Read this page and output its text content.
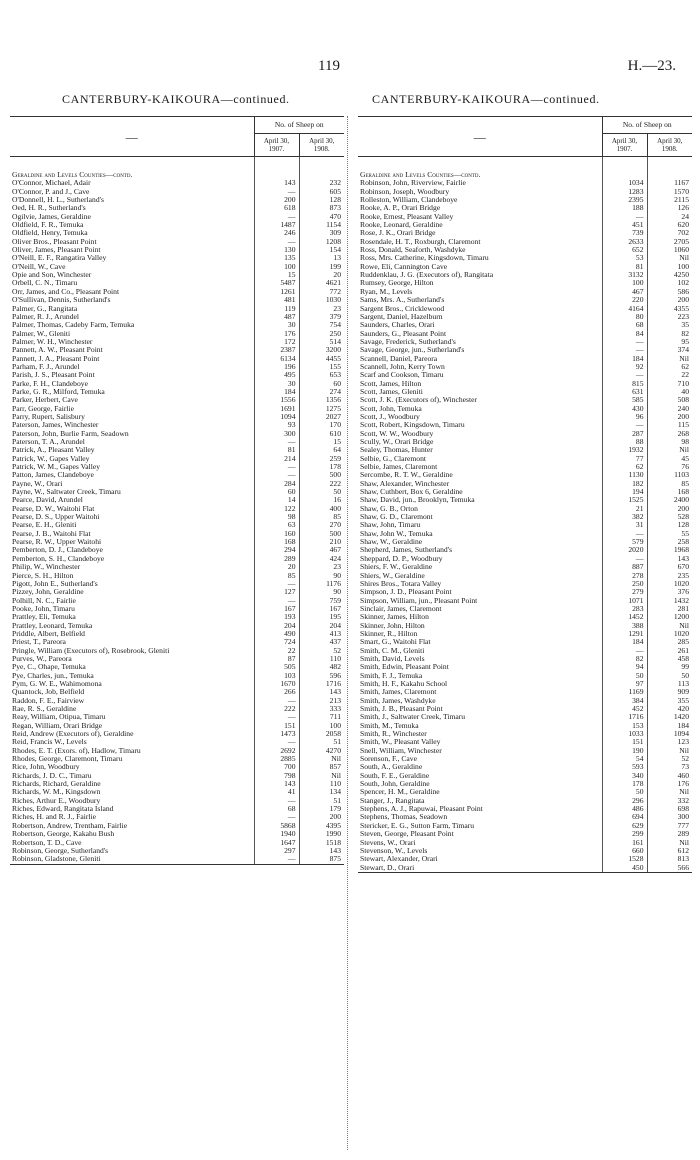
119	H.—23.
CANTERBURY-KAIKOURA—continued.	CANTERBURY-KAIKOURA—continued.
—	No. of Sheep on	
	April 30, 1907.	April 30, 1908.

Geraldine and Levels Counties—contd.		
O'Connor, Michael, Adair	143	232
O'Connor, P. and J., Cave	—	605
O'Donnell, H. L., Sutherland's	200	128
Oed, H. R., Sutherland's	618	873
Ogilvie, James, Geraldine	—	470
Oldfield, F. R., Temuka	1487	1154
Oldfield, Henry, Temuka	246	309
Oliver Bros., Pleasant Point	—	1208
Oliver, James, Pleasant Point	130	154
O'Neill, E. F., Rangatira Valley	135	13
O'Neill, W., Cave	100	199
Opie and Son, Winchester	15	20
Orbell, C. N., Timaru	5487	4621
Orr, James, and Co., Pleasant Point	1261	772
O'Sullivan, Dennis, Sutherland's	481	1030
Palmer, G., Rangitata	119	23
Palmer, R. J., Arundel	487	379
Palmer, Thomas, Cadeby Farm, Temuka	30	754
Palmer, W., Gleniti	176	250
Palmer, W. H., Winchester	172	514
Pannett, A. W., Pleasant Point	2387	3200
Pannett, J. A., Pleasant Point	6134	4455
Parham, F. J., Arundel	196	155
Parish, J. S., Pleasant Point	495	653
Parke, F. H., Clandeboye	30	60
Parke, G. R., Milford, Temuka	184	274
Parker, Herbert, Cave	1556	1356
Parr, George, Fairlie	1691	1275
Parry, Rupert, Salisbury	1094	2027
Paterson, James, Winchester	93	170
Paterson, John, Burlie Farm, Seadown	300	610
Paterson, T. A., Arundel	—	15
Patrick, A., Pleasant Valley	81	64
Patrick, W., Gapes Valley	214	259
Patrick, W. M., Gapes Valley	—	178
Patton, James, Clandeboye	—	500
Payne, W., Orari	284	222
Payne, W., Saltwater Creek, Timaru	60	50
Pearce, David, Arundel	14	16
Pearse, D. W., Waitohi Flat	122	400
Pearse, D. S., Upper Waitohi	98	85
Pearse, E. H., Gleniti	63	270
Pearse, J. B., Waitohi Flat	160	500
Pearse, R. W., Upper Waitohi	168	210
Pemberton, D. J., Clandeboye	294	467
Pemberton, S. H., Clandeboye	289	424
Philip, W., Winchester	20	23
Pierce, S. H., Hilton	85	90
Pigott, John E., Sutherland's	—	1176
Pizzey, John, Geraldine	127	90
Polhill, N. C., Fairlie	—	759
Pooke, John, Timaru	167	167
Prattley, Eli, Temuka	193	195
Prattley, Leonard, Temuka	204	204
Priddle, Albert, Belfield	490	413
Priest, T., Pareora	724	437
Pringle, William (Executors of), Rosebrook, Gleniti	22	52
Purves, W., Pareora	87	110
Pye, C., Ohape, Temuka	505	482
Pye, Charles, jun., Temuka	103	596
Pym, G. W. E., Wahimomona	1670	1716
Quantock, Job, Belfield	266	143
Raddon, F. E., Fairview	—	213
Rae, R. S., Geraldine	222	333
Reay, William, Otipua, Timaru	—	711
Regan, William, Orari Bridge	151	100
Reid, Andrew (Executors of), Geraldine	1473	2058
Reid, Francis W., Levels	—	51
Rhodes, E. T. (Exors. of), Hadlow, Timaru	2692	4270
Rhodes, George, Claremont, Timaru	2885	Nil
Rice, John, Woodbury	700	857
Richards, J. D. C., Timaru	798	Nil
Richards, Richard, Geraldine	143	110
Richards, W. M., Kingsdown	41	134
Riches, Arthur E., Woodbury	—	51
Riches, Edward, Rangitata Island	68	179
Riches, H. and R. J., Fairlie	—	200
Robertson, Andrew, Trentham, Fairlie	5868	4395
Robertson, George, Kakahu Bush	1940	1990
Robertson, T. D., Cave	1647	1518
Robinson, George, Sutherland's	297	143
Robinson, Gladstone, Gleniti	—	875
—	No. of Sheep on	
	April 30, 1907.	April 30, 1908.

Geraldine and Levels Counties—contd.		
Robinson, John, Riverview, Fairlie	1034	1167
Robinson, Joseph, Woodbury	1283	1570
Rolleston, William, Clandeboye	2395	2115
Rooke, A. P., Orari Bridge	188	126
Rooke, Ernest, Pleasant Valley	—	24
Rooke, Leonard, Geraldine	451	620
Rose, J. K., Orari Bridge	739	702
Rosendale, H. T., Roxburgh, Claremont	2633	2705
Ross, Donald, Seaforth, Washdyke	652	1060
Ross, Mrs. Catherine, Kingsdown, Timaru	53	Nil
Rowe, Eli, Cannington Cave	81	100
Ruddenklau, J. G. (Executors of), Rangitata	3132	4250
Rumsey, George, Hilton	100	102
Ryan, M., Levels	467	586
Sams, Mrs. A., Sutherland's	220	200
Sargent Bros., Cricklewood	4164	4355
Sargent, Daniel, Hazelburn	80	223
Saunders, Charles, Orari	68	35
Saunders, G., Pleasant Point	84	82
Savage, Frederick, Sutherland's	—	95
Savage, George, jun., Sutherland's	—	374
Scannell, Daniel, Pareora	184	Nil
Scannell, John, Kerry Town	92	62
Scarf and Cookson, Timaru	—	22
Scott, James, Hilton	815	710
Scott, James, Gleniti	631	40
Scott, J. K. (Executors of), Winchester	585	508
Scott, John, Temuka	430	240
Scott, J., Woodbury	96	200
Scott, Robert, Kingsdown, Timaru	—	115
Scott, W. W., Woodbury	287	268
Scully, W., Orari Bridge	88	98
Sealey, Thomas, Hunter	1932	Nil
Selbie, G., Claremont	77	45
Selbie, James, Claremont	62	76
Sercombe, R. T. W., Geraldine	1130	1103
Shaw, Alexander, Winchester	182	85
Shaw, Cuthbert, Box 6, Geraldine	194	168
Shaw, David, jun., Brooklyn, Temuka	1525	2400
Shaw, G. B., Orton	21	200
Shaw, G. D., Claremont	382	528
Shaw, John, Timaru	31	128
Shaw, John W., Temuka	—	55
Shaw, W., Geraldine	579	258
Shepherd, James, Sutherland's	2020	1968
Sheppard, D. P., Woodbury	—	143
Shiers, F. W., Geraldine	887	670
Shiers, W., Geraldine	278	235
Shires Bros., Totara Valley	250	1020
Simpson, J. D., Pleasant Point	279	376
Simpson, William, jun., Pleasant Point	1071	1432
Sinclair, James, Claremont	283	281
Skinner, James, Hilton	1452	1200
Skinner, John, Hilton	388	Nil
Skinner, R., Hilton	1291	1020
Smart, G., Waitohi Flat	184	285
Smith, C. M., Gleniti	—	261
Smith, David, Levels	82	458
Smith, Edwin, Pleasant Point	94	99
Smith, F. J., Temuka	50	50
Smith, H. F., Kakahu School	97	113
Smith, James, Claremont	1169	909
Smith, James, Washdyke	384	355
Smith, J. B., Pleasant Point	452	420
Smith, J., Saltwater Creek, Timaru	1716	1420
Smith, M., Temuka	153	184
Smith, R., Winchester	1033	1094
Smith, W., Pleasant Valley	151	123
Snell, William, Winchester	190	Nil
Sorenson, F., Cave	54	52
South, A., Geraldine	593	73
South, F. E., Geraldine	340	460
South, John, Geraldine	178	176
Spencer, H. M., Geraldine	50	Nil
Stanger, J., Rangitata	296	332
Stephens, A. J., Rapuwai, Pleasant Point	486	698
Stephens, Thomas, Seadown	694	300
Stericker, E. G., Sutton Farm, Timaru	629	777
Steven, George, Pleasant Point	299	289
Stevens, W., Orari	161	Nil
Stevenson, W., Levels	660	612
Stewart, Alexander, Orari	1528	813
Stewart, D., Orari	450	566
